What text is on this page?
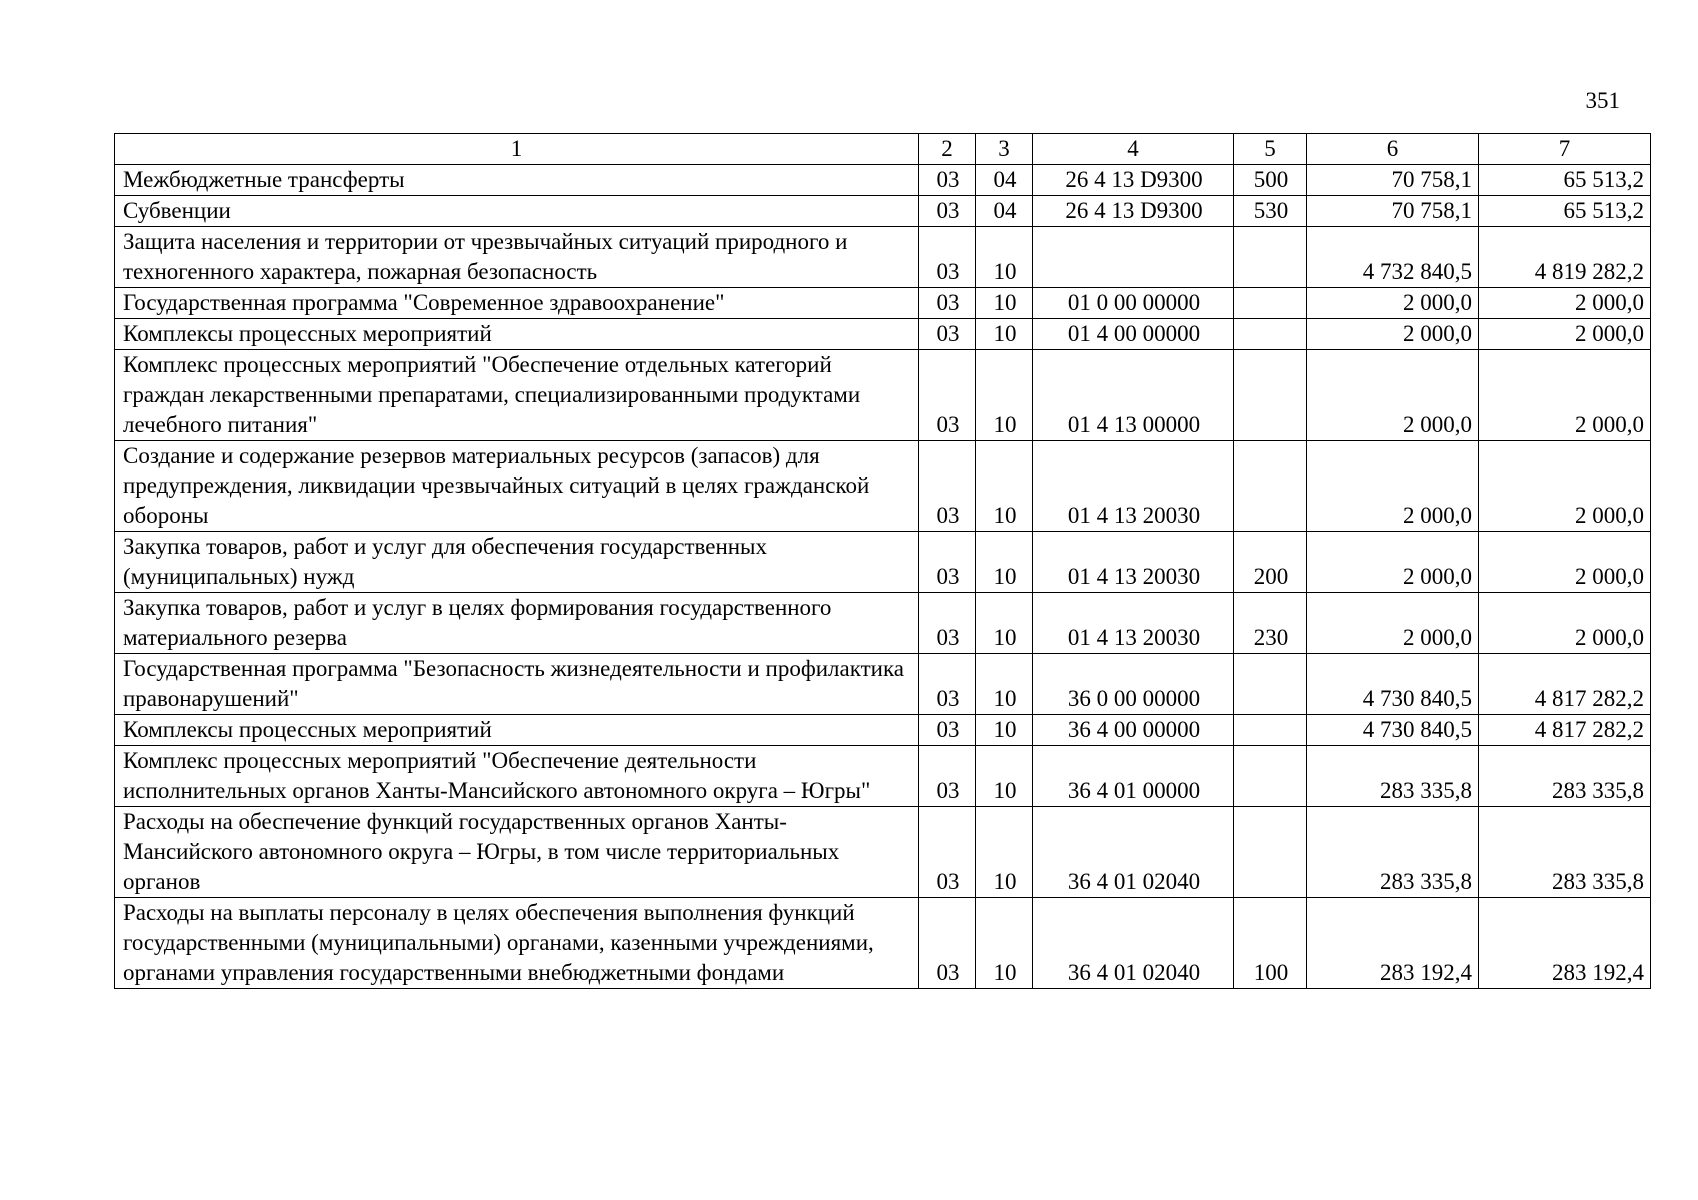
351
1	2	3	4	5	6	7
Межбюджетные трансферты	03	04	26 4 13 D9300	500	70 758,1	65 513,2
Субвенции	03	04	26 4 13 D9300	530	70 758,1	65 513,2
Защита населения и территории от чрезвычайных ситуаций природного и техногенного характера, пожарная безопасность	03	10			4 732 840,5	4 819 282,2
Государственная программа "Современное здравоохранение"	03	10	01 0 00 00000		2 000,0	2 000,0
Комплексы процессных мероприятий	03	10	01 4 00 00000		2 000,0	2 000,0
Комплекс процессных мероприятий "Обеспечение отдельных категорий граждан лекарственными препаратами, специализированными продуктами лечебного питания"	03	10	01 4 13 00000		2 000,0	2 000,0
Создание и содержание резервов материальных ресурсов (запасов) для предупреждения, ликвидации чрезвычайных ситуаций в целях гражданской обороны	03	10	01 4 13 20030		2 000,0	2 000,0
Закупка товаров, работ и услуг для обеспечения государственных (муниципальных) нужд	03	10	01 4 13 20030	200	2 000,0	2 000,0
Закупка товаров, работ и услуг в целях формирования государственного материального резерва	03	10	01 4 13 20030	230	2 000,0	2 000,0
Государственная программа "Безопасность жизнедеятельности и профилактика правонарушений"	03	10	36 0 00 00000		4 730 840,5	4 817 282,2
Комплексы процессных мероприятий	03	10	36 4 00 00000		4 730 840,5	4 817 282,2
Комплекс процессных мероприятий "Обеспечение деятельности исполнительных органов Ханты-Мансийского автономного округа – Югры"	03	10	36 4 01 00000		283 335,8	283 335,8
Расходы на обеспечение функций государственных органов Ханты-Мансийского автономного округа – Югры, в том числе территориальных органов	03	10	36 4 01 02040		283 335,8	283 335,8
Расходы на выплаты персоналу в целях обеспечения выполнения функций государственными (муниципальными) органами, казенными учреждениями, органами управления государственными внебюджетными фондами	03	10	36 4 01 02040	100	283 192,4	283 192,4
